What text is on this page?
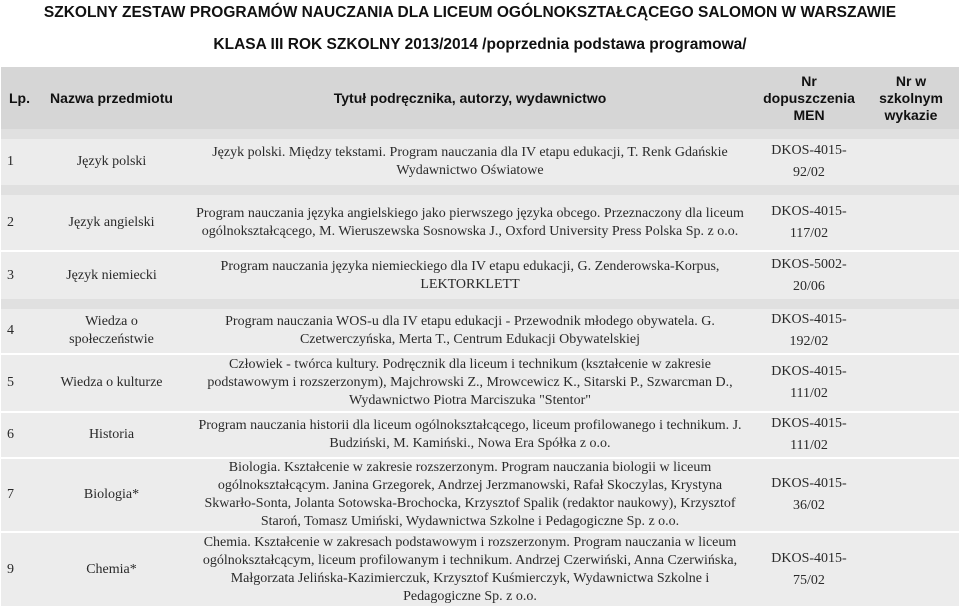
SZKOLNY ZESTAW PROGRAMÓW NAUCZANIA DLA LICEUM OGÓLNOKSZTAŁCĄCEGO SALOMON W WARSZAWIE
KLASA III ROK SZKOLNY 2013/2014 /poprzednia podstawa programowa/
Lp.	Nazwa przedmiotu	Tytuł podręcznika, autorzy, wydawnictwo	Nr dopuszczenia MEN	Nr w szkolnym wykazie

1	Język polski	Język polski. Między tekstami. Program nauczania dla IV etapu edukacji, T. Renk Gdańskie Wydawnictwo Oświatowe	DKOS-4015-92/02	

2	Język angielski	Program nauczania języka angielskiego jako pierwszego języka obcego. Przeznaczony dla liceum ogólnokształcącego, M. Wieruszewska Sosnowska J., Oxford University Press Polska Sp. z o.o.	DKOS-4015-117/02	
3	Język niemiecki	Program nauczania języka niemieckiego dla IV etapu edukacji, G. Zenderowska-Korpus, LEKTORKLETT	DKOS-5002-20/06	

4	Wiedza o społeczeństwie	Program nauczania WOS-u dla IV etapu edukacji - Przewodnik młodego obywatela. G. Czetwerczyńska, Merta T., Centrum Edukacji Obywatelskiej	DKOS-4015-192/02	
5	Wiedza o kulturze	Człowiek - twórca kultury. Podręcznik dla liceum i technikum (kształcenie w zakresie podstawowym i rozszerzonym), Majchrowski Z., Mrowcewicz K., Sitarski P., Szwarcman D., Wydawnictwo Piotra Marciszuka "Stentor"	DKOS-4015-111/02	
6	Historia	Program nauczania historii dla liceum ogólnokształcącego, liceum profilowanego i technikum. J. Budziński, M. Kamiński., Nowa Era Spółka z o.o.	DKOS-4015-111/02	
7	Biologia*	Biologia. Kształcenie w zakresie rozszerzonym. Program nauczania biologii w liceum ogólnokształcącym. Janina Grzegorek, Andrzej Jerzmanowski, Rafał Skoczylas, Krystyna Skwarło-Sonta, Jolanta Sotowska-Brochocka, Krzysztof Spalik (redaktor naukowy), Krzysztof Staroń, Tomasz Umiński, Wydawnictwa Szkolne i Pedagogiczne Sp. z o.o.	DKOS-4015-36/02	
9	Chemia*	Chemia. Kształcenie w zakresach podstawowym i rozszerzonym. Program nauczania w liceum ogólnokształcącym, liceum profilowanym i technikum. Andrzej Czerwiński, Anna Czerwińska, Małgorzata Jelińska-Kazimierczuk, Krzysztof Kuśmierczyk, Wydawnictwa Szkolne i Pedagogiczne Sp. z o.o.	DKOS-4015-75/02	
